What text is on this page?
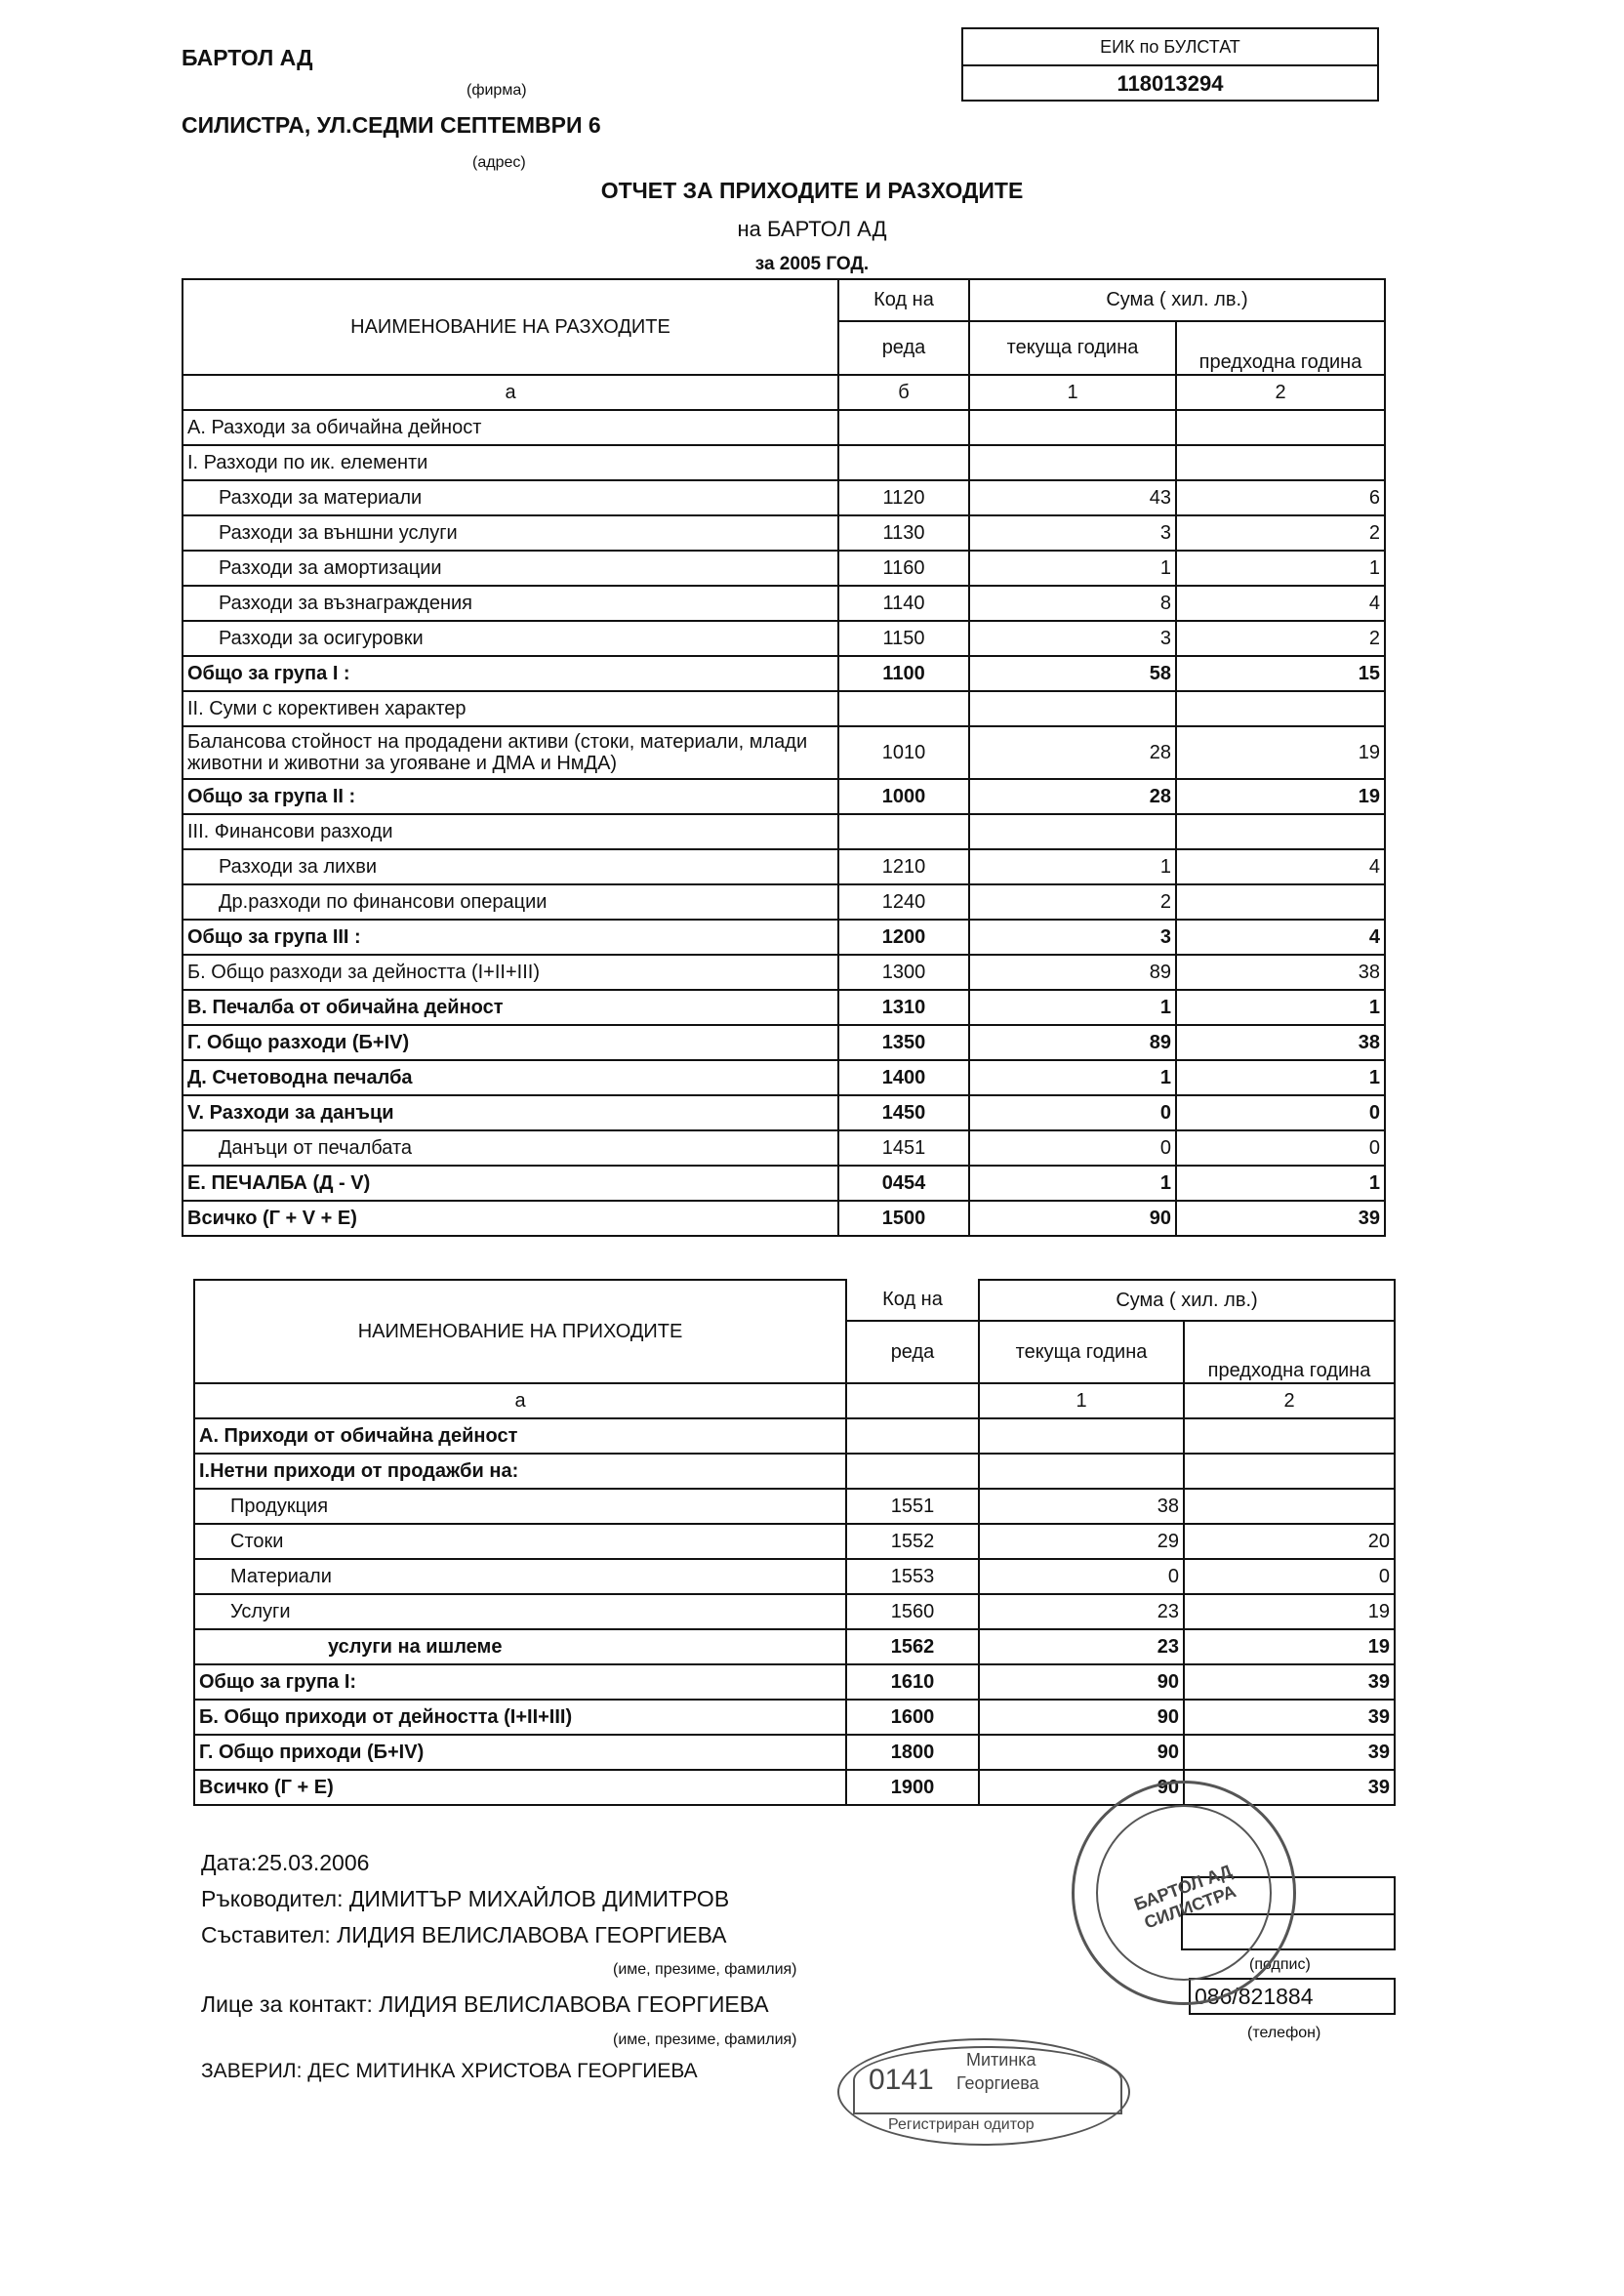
БАРТОЛ АД
(фирма)
СИЛИСТРА, УЛ.СЕДМИ СЕПТЕМВРИ 6
(адрес)
ЕИК по БУЛСТАТ
118013294
ОТЧЕТ ЗА ПРИХОДИТЕ И РАЗХОДИТЕ
на БАРТОЛ АД
за 2005 ГОД.
НАИМЕНОВАНИЕ НА РАЗХОДИТЕ	Код на	Сума ( хил. лв.)	
	реда	текуща година	предходна година
а	б	1	2
А. Разходи за обичайна дейност			
I. Разходи по ик. елементи			
Разходи за материали	1120	43	6
Разходи за външни услуги	1130	3	2
Разходи за амортизации	1160	1	1
Разходи за възнаграждения	1140	8	4
Разходи за осигуровки	1150	3	2
Общо за група I :	1100	58	15
II. Суми с корективен характер			
Балансова стойност на продадени активи (стоки, материали, млади животни и животни за угояване и ДМА и НмДА)	1010	28	19
Общо за група II :	1000	28	19
III. Финансови разходи			
Разходи за лихви	1210	1	4
Др.разходи по финансови операции	1240	2	
Общо за група III :	1200	3	4
Б. Общо разходи за дейността (I+II+III)	1300	89	38
В. Печалба от обичайна дейност	1310	1	1
Г. Общо разходи (Б+IV)	1350	89	38
Д. Счетоводна печалба	1400	1	1
V. Разходи за данъци	1450	0	0
Данъци от печалбата	1451	0	0
Е. ПЕЧАЛБА (Д - V)	0454	1	1
Всичко (Г + V + Е)	1500	90	39
НАИМЕНОВАНИЕ НА ПРИХОДИТЕ	Код на	Сума ( хил. лв.)	
	реда	текуща година	предходна година
а		1	2
А. Приходи от обичайна дейност			
I.Нетни приходи от продажби на:			
Продукция	1551	38	
Стоки	1552	29	20
Материали	1553	0	0
Услуги	1560	23	19
услуги на ишлеме	1562	23	19
Общо за група I:	1610	90	39
Б. Общо приходи от дейността (I+II+III)	1600	90	39
Г. Общо приходи (Б+IV)	1800	90	39
Всичко (Г + Е)	1900	90	39
Дата:25.03.2006
Ръководител: ДИМИТЪР МИХАЙЛОВ ДИМИТРОВ
Съставител: ЛИДИЯ ВЕЛИСЛАВОВА ГЕОРГИЕВА
(име, презиме, фамилия)
Лице за контакт: ЛИДИЯ ВЕЛИСЛАВОВА ГЕОРГИЕВА
(име, презиме, фамилия)
ЗАВЕРИЛ: ДЕС МИТИНКА ХРИСТОВА ГЕОРГИЕВА
(подпис)
086/821884
(телефон)
БАРТОЛ АД СИЛИСТРА
0141
Митинка
Георгиева
Регистриран одитор
